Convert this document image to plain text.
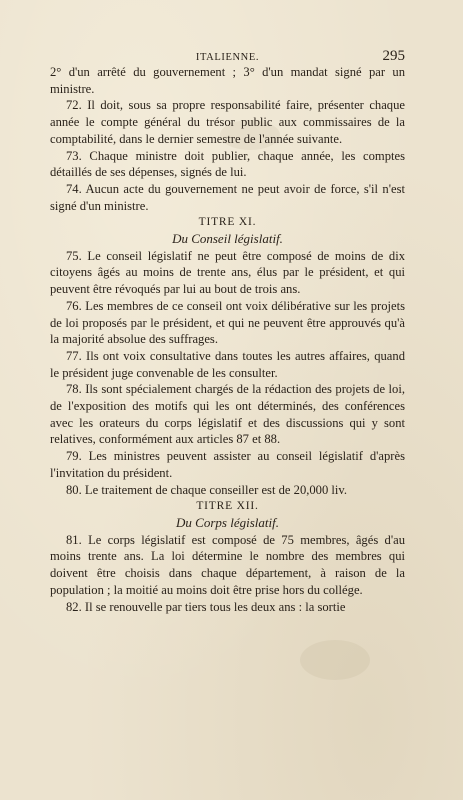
ITALIENNE.	295

2° d'un arrêté du gouvernement ; 3° d'un mandat signé par un ministre.

72. Il doit, sous sa propre responsabilité faire, présenter chaque année le compte général du trésor public aux commissaires de la comptabilité, dans le dernier semestre de l'année suivante.

73. Chaque ministre doit publier, chaque année, les comptes détaillés de ses dépenses, signés de lui.

74. Aucun acte du gouvernement ne peut avoir de force, s'il n'est signé d'un ministre.

TITRE XI.

Du Conseil législatif.

75. Le conseil législatif ne peut être composé de moins de dix citoyens âgés au moins de trente ans, élus par le président, et qui peuvent être révoqués par lui au bout de trois ans.

76. Les membres de ce conseil ont voix délibérative sur les projets de loi proposés par le président, et qui ne peuvent être approuvés qu'à la majorité absolue des suffrages.

77. Ils ont voix consultative dans toutes les autres affaires, quand le président juge convenable de les consulter.

78. Ils sont spécialement chargés de la rédaction des projets de loi, de l'exposition des motifs qui les ont déterminés, des conférences avec les orateurs du corps législatif et des discussions qui y sont relatives, conformément aux articles 87 et 88.

79. Les ministres peuvent assister au conseil législatif d'après l'invitation du président.

80. Le traitement de chaque conseiller est de 20,000 liv.

TITRE XII.

Du Corps législatif.

81. Le corps législatif est composé de 75 membres, âgés d'au moins trente ans. La loi détermine le nombre des membres qui doivent être choisis dans chaque département, à raison de la population ; la moitié au moins doit être prise hors du collége.

82. Il se renouvelle par tiers tous les deux ans : la sortie
